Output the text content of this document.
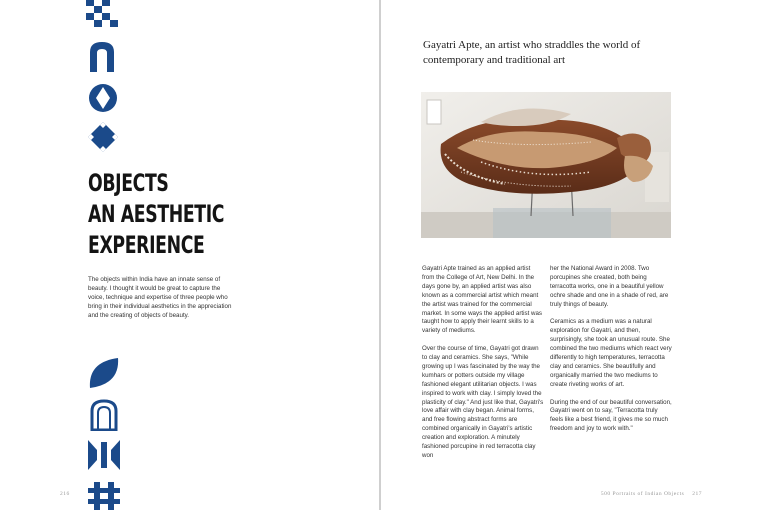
OBJECTS
AN AESTHETIC
EXPERIENCE

The objects within India have an innate sense of beauty. I thought it would be great to capture the voice, technique and expertise of three people who bring in their individual aesthetics in the appreciation and the creating of objects of beauty.

216

Gayatri Apte, an artist who straddles the world of contemporary and traditional art

Gayatri Apte trained as an applied artist from the College of Art, New Delhi. In the days gone by, an applied artist was also known as a commercial artist which meant the artist was trained for the commercial market. In some ways the applied artist was taught how to apply their learnt skills to a variety of mediums.

Over the course of time, Gayatri got drawn to clay and ceramics. She says, "While growing up I was fascinated by the way the kumhars or potters outside my village fashioned elegant utilitarian objects. I was inspired to work with clay. I simply loved the plasticity of clay." And just like that, Gayatri's love affair with clay began. Animal forms, and free flowing abstract forms are combined organically in Gayatri's artistic creation and exploration. A minutely fashioned porcupine in red terracotta clay won

her the National Award in 2008. Two porcupines she created, both being terracotta works, one in a beautiful yellow ochre shade and one in a shade of red, are truly things of beauty.

Ceramics as a medium was a natural exploration for Gayatri, and then, surprisingly, she took an unusual route. She combined the two mediums which react very differently to high temperatures, terracotta clay and ceramics. She beautifully and organically married the two mediums to create riveting works of art.

During the end of our beautiful conversation, Gayatri went on to say, "Terracotta truly feels like a best friend, it gives me so much freedom and joy to work with."

500 Portraits of Indian Objects 217
